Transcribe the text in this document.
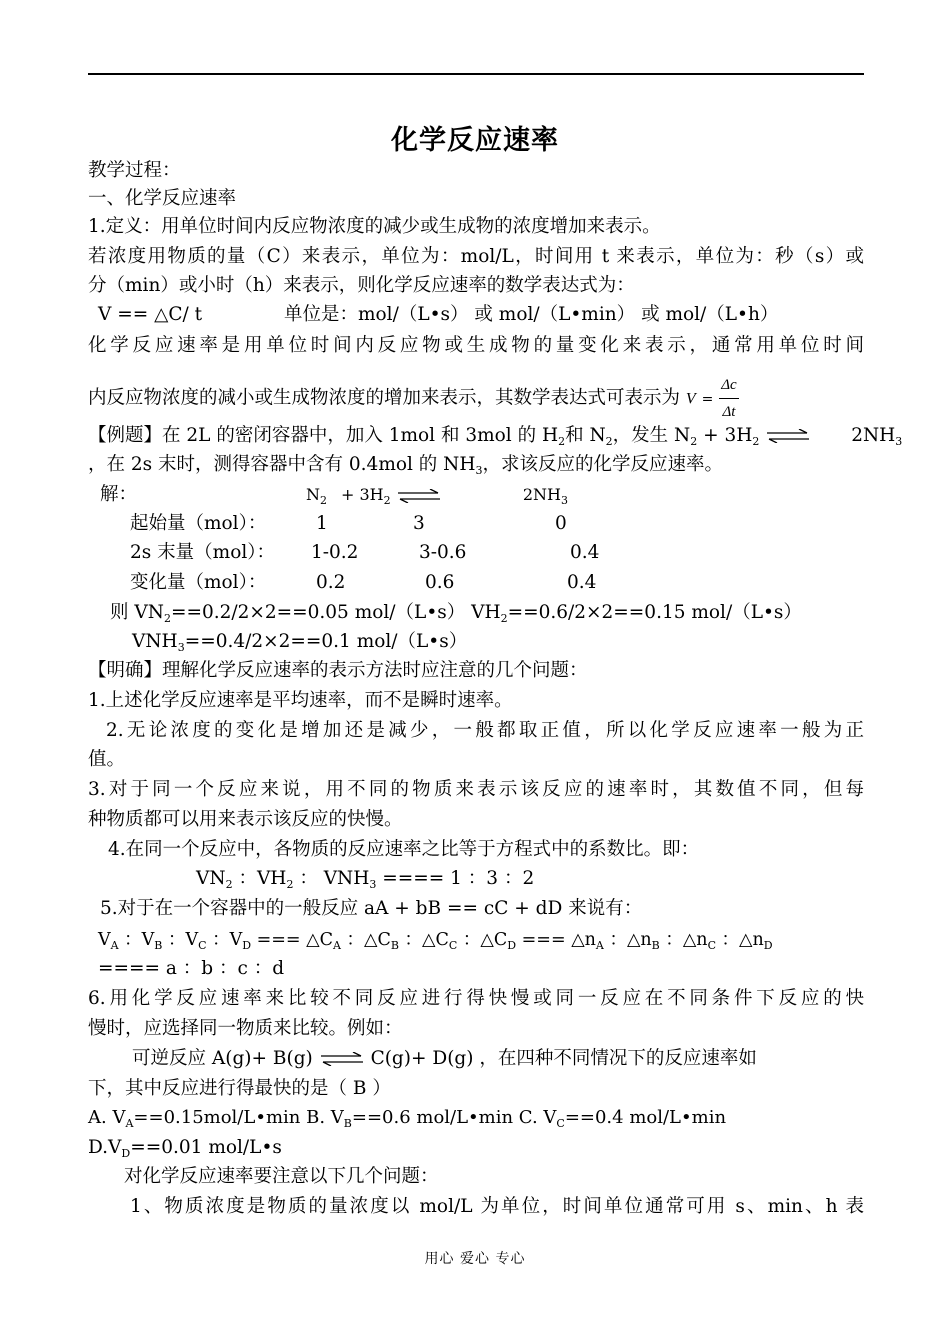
化学反应速率
教学过程：
一、化学反应速率
1.定义：用单位时间内反应物浓度的减少或生成物的浓度增加来表示。
若浓度用物质的量（C）来表示，单位为：mol/L，时间用 t 来表示，单位为：秒（s）或
分（min）或小时（h）来表示，则化学反应速率的数学表达式为：
V == △C/ t	单位是：mol/（L•s） 或 mol/（L•min） 或 mol/（L•h）
化学反应速率是用单位时间内反应物或生成物的量变化来表示，通常用单位时间
内反应物浓度的减小或生成物浓度的增加来表示，其数学表达式可表示为 $V = \frac{\Delta c}{\Delta t}$
【例题】在 2L 的密闭容器中，加入 1mol 和 3mol 的 $H_2$和 $N_2$，发生 $N_2 + 3H_2$ ⇌ $2NH_3$
，在 2s 末时，测得容器中含有 0.4mol 的 $NH_3$，求该反应的化学反应速率。
解：	$N_2 + 3H_2$ ⇌	$2NH_3$
起始量（mol）：	1	3	0
2s 末量（mol）： 1-0.2	3-0.6	0.4
变化量（mol）：	0.2	0.6	0.4
则 $VN_2==0.2/2\times 2==0.05$ mol/（L•s） $VH_2==0.6/2\times 2==0.15$ mol/（L•s）
$VNH_3==0.4/2\times 2==0.1$ mol/（L•s）
【明确】理解化学反应速率的表示方法时应注意的几个问题：
1.上述化学反应速率是平均速率，而不是瞬时速率。
2.无论浓度的变化是增加还是减少，一般都取正值，所以化学反应速率一般为正
值。
3.对于同一个反应来说，用不同的物质来表示该反应的速率时，其数值不同，但每
种物质都可以用来表示该反应的快慢。
4.在同一个反应中，各物质的反应速率之比等于方程式中的系数比。即：
$VN_2$ ：$VH_2$ ： $VNH_3$ ==== 1 ：3 ：2
5.对于在一个容器中的一般反应 aA + bB == cC + dD 来说有：
$V_A$ ：$V_B$ ：$V_C$ ：$V_D$ === $\triangle C_A$ ：$\triangle C_B$ ：$\triangle C_C$ ：$\triangle C_D$ === $\triangle n_A$ ：$\triangle n_B$ ：$\triangle n_C$ ：$\triangle n_D$
==== a ：b ：c ：d
6.用化学反应速率来比较不同反应进行得快慢或同一反应在不同条件下反应的快
慢时，应选择同一物质来比较。例如：
可逆反应 A(g)+ B(g) ⇌ C(g)+ D(g) ，在四种不同情况下的反应速率如
下，其中反应进行得最快的是（ B ）
A. $V_A==0.15mol/L•\min$ B. $V_B==0.6$ mol/L•min C. $V_C==0.4$ mol/L•min
$D.V_D==0.01$ mol/L•s
对化学反应速率要注意以下几个问题：
1、物质浓度是物质的量浓度以 mol/L 为单位，时间单位通常可用 s、min、h 表
用心 爱心 专心
